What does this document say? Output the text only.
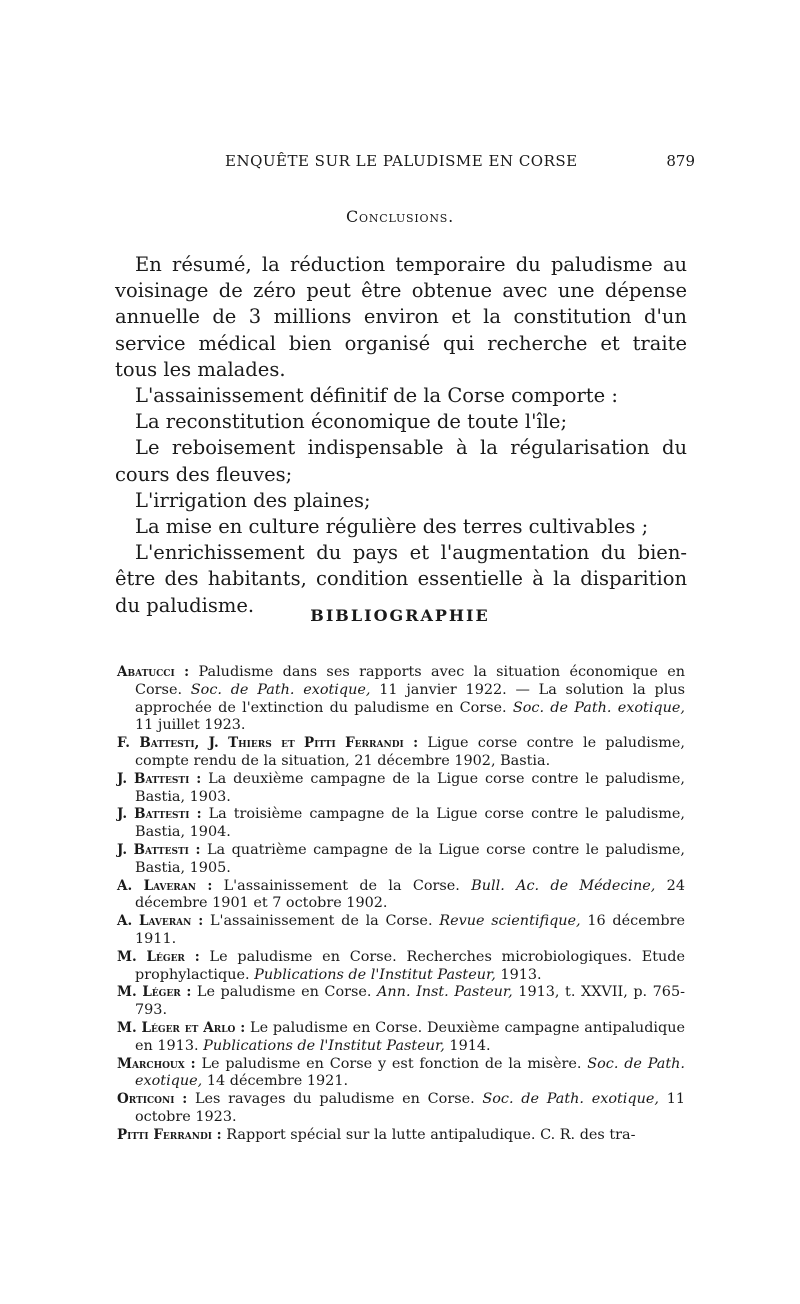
ENQUÊTE SUR LE PALUDISME EN CORSE	879
Conclusions.

En résumé, la réduction temporaire du paludisme au voisinage de zéro peut être obtenue avec une dépense annuelle de 3 millions environ et la constitution d'un service médical bien organisé qui recherche et traite tous les malades.

L'assainissement définitif de la Corse comporte :

La reconstitution économique de toute l'île;

Le reboisement indispensable à la régularisation du cours des fleuves;

L'irrigation des plaines;

La mise en culture régulière des terres cultivables ;

L'enrichissement du pays et l'augmentation du bien-être des habitants, condition essentielle à la disparition du paludisme.	BIBLIOGRAPHIE

Abatucci : Paludisme dans ses rapports avec la situation économique en Corse. Soc. de Path. exotique, 11 janvier 1922. — La solution la plus approchée de l'extinction du paludisme en Corse. Soc. de Path. exotique, 11 juillet 1923.

F. Battesti, J. Thiers et Pitti Ferrandi : Ligue corse contre le paludisme, compte rendu de la situation, 21 décembre 1902, Bastia.

J. Battesti : La deuxième campagne de la Ligue corse contre le paludisme, Bastia, 1903.

J. Battesti : La troisième campagne de la Ligue corse contre le paludisme, Bastia, 1904.

J. Battesti : La quatrième campagne de la Ligue corse contre le paludisme, Bastia, 1905.

A. Laveran : L'assainissement de la Corse. Bull. Ac. de Médecine, 24 décembre 1901 et 7 octobre 1902.

A. Laveran : L'assainissement de la Corse. Revue scientifique, 16 décembre 1911.

M. Léger : Le paludisme en Corse. Recherches microbiologiques. Etude prophylactique. Publications de l'Institut Pasteur, 1913.

M. Léger : Le paludisme en Corse. Ann. Inst. Pasteur, 1913, t. XXVII, p. 765-793.

M. Léger et Arlo : Le paludisme en Corse. Deuxième campagne antipaludique en 1913. Publications de l'Institut Pasteur, 1914.

Marchoux : Le paludisme en Corse y est fonction de la misère. Soc. de Path. exotique, 14 décembre 1921.

Orticoni : Les ravages du paludisme en Corse. Soc. de Path. exotique, 11 octobre 1923.

Pitti Ferrandi : Rapport spécial sur la lutte antipaludique. C. R. des tra-
